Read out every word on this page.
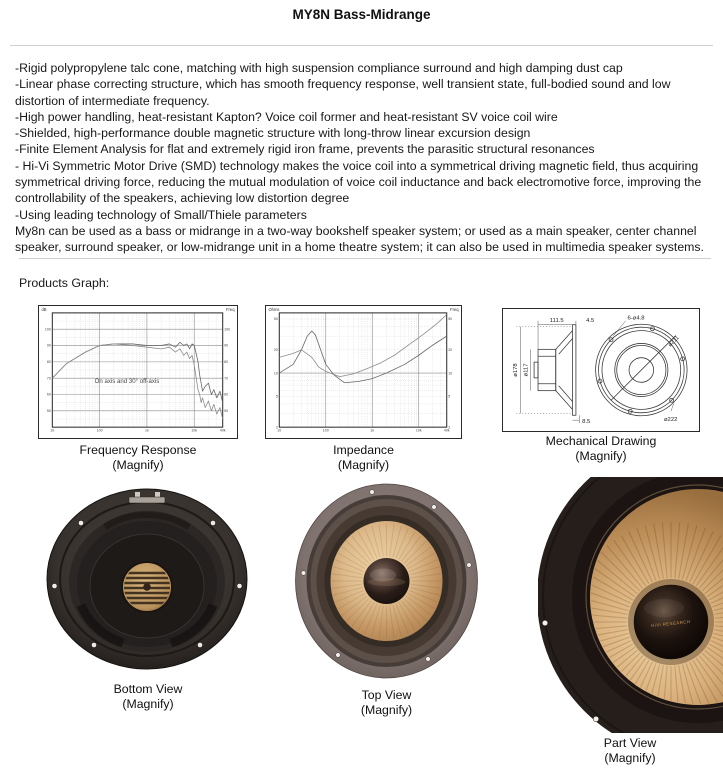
MY8N Bass-Midrange
-Rigid polypropylene talc cone, matching with high suspension compliance surround and high damping dust cap
-Linear phase correcting structure, which has smooth frequency response, well transient state, full-bodied sound and low distortion of intermediate frequency.
-High power handling, heat-resistant Kapton? Voice coil former and heat-resistant SV voice coil wire
-Shielded, high-performance double magnetic structure with long-throw linear excursion design
-Finite Element Analysis for flat and extremely rigid iron frame, prevents the parasitic structural resonances
- Hi-Vi Symmetric Motor Drive (SMD) technology makes the voice coil into a symmetrical driving magnetic field, thus acquiring symmetrical driving force, reducing the mutual modulation of voice coil inductance and back electromotive force, improving the controllability of the speakers, achieving low distortion degree
-Using leading technology of Small/Thiele parameters
My8n can be used as a bass or midrange in a two-way bookshelf speaker system; or used as a main speaker, center channel speaker, surround speaker, or low-midrange unit in a home theatre system; it can also be used in multimedia speaker systems.
Products Graph:
10	100	1k	10k	40k
100	100
90	90
80	80
70	70
60	60
50	50
dB	Freq
On axis and 30° off-axis
10	100	1k	10k	40k
50	50
20	20
10	10
5	5
2	2
Ohms	Freq
111.5	4.5	6-ø4.8
ø211
ø178 ø117
8.5	ø222
Frequency Response
(Magnify)
Impedance
(Magnify)
Mechanical Drawing
(Magnify)
HiVi RESEARCH
Bottom View
(Magnify)
Top View
(Magnify)
Part View
(Magnify)
